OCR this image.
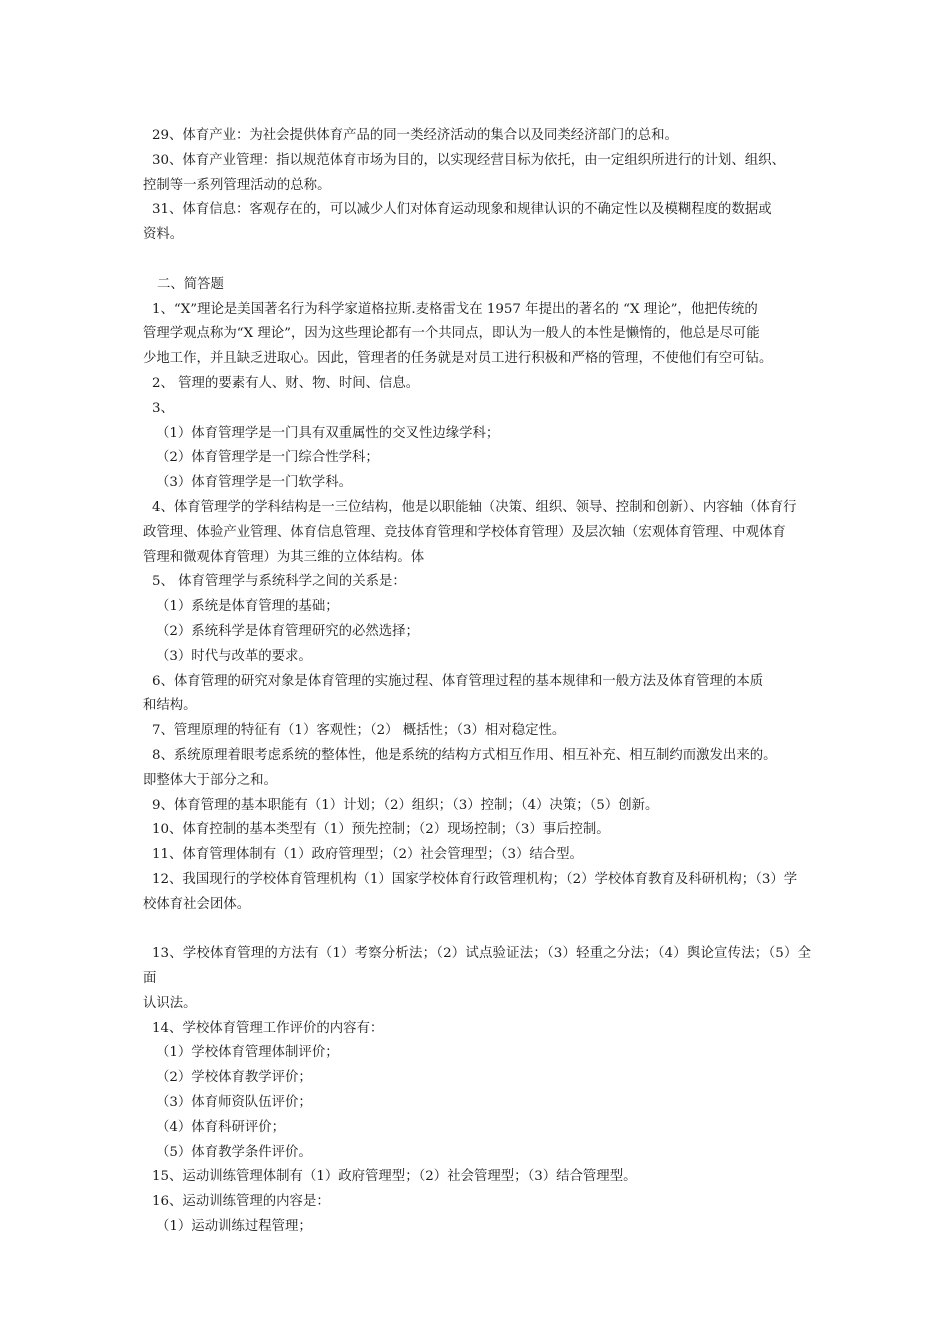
29、体育产业：为社会提供体育产品的同一类经济活动的集合以及同类经济部门的总和。

30、体育产业管理：指以规范体育市场为目的，以实现经营目标为依托，由一定组织所进行的计划、组织、

控制等一系列管理活动的总称。

31、体育信息：客观存在的，可以减少人们对体育运动现象和规律认识的不确定性以及模糊程度的数据或

资料。

二、简答题

1、“X”理论是美国著名行为科学家道格拉斯.麦格雷戈在 1957 年提出的著名的 “X 理论”，他把传统的

管理学观点称为“X 理论”，因为这些理论都有一个共同点，即认为一般人的本性是懒惰的，他总是尽可能

少地工作，并且缺乏进取心。因此，管理者的任务就是对员工进行积极和严格的管理，不使他们有空可钻。

2、 管理的要素有人、财、物、时间、信息。

3、

（1）体育管理学是一门具有双重属性的交叉性边缘学科；

（2）体育管理学是一门综合性学科；

（3）体育管理学是一门软学科。

4、体育管理学的学科结构是一三位结构，他是以职能轴（决策、组织、领导、控制和创新）、内容轴（体育行

政管理、体验产业管理、体育信息管理、竞技体育管理和学校体育管理）及层次轴（宏观体育管理、中观体育

管理和微观体育管理）为其三维的立体结构。体

5、 体育管理学与系统科学之间的关系是：

（1）系统是体育管理的基础；

（2）系统科学是体育管理研究的必然选择；

（3）时代与改革的要求。

6、体育管理的研究对象是体育管理的实施过程、体育管理过程的基本规律和一般方法及体育管理的本质

和结构。

7、管理原理的特征有（1）客观性；（2） 概括性；（3）相对稳定性。

8、系统原理着眼考虑系统的整体性，他是系统的结构方式相互作用、相互补充、相互制约而激发出来的。

即整体大于部分之和。

9、体育管理的基本职能有（1）计划；（2）组织；（3）控制；（4）决策；（5）创新。

10、体育控制的基本类型有（1）预先控制；（2）现场控制；（3）事后控制。

11、体育管理体制有（1）政府管理型；（2）社会管理型；（3）结合型。

12、我国现行的学校体育管理机构（1）国家学校体育行政管理机构；（2）学校体育教育及科研机构；（3）学

校体育社会团体。

13、学校体育管理的方法有（1）考察分析法；（2）试点验证法；（3）轻重之分法；（4）舆论宣传法；（5）全面

认识法。

14、学校体育管理工作评价的内容有：

（1）学校体育管理体制评价；

（2）学校体育教学评价；

（3）体育师资队伍评价；

（4）体育科研评价；

（5）体育教学条件评价。

15、运动训练管理体制有（1）政府管理型；（2）社会管理型；（3）结合管理型。

16、运动训练管理的内容是：

（1）运动训练过程管理；
